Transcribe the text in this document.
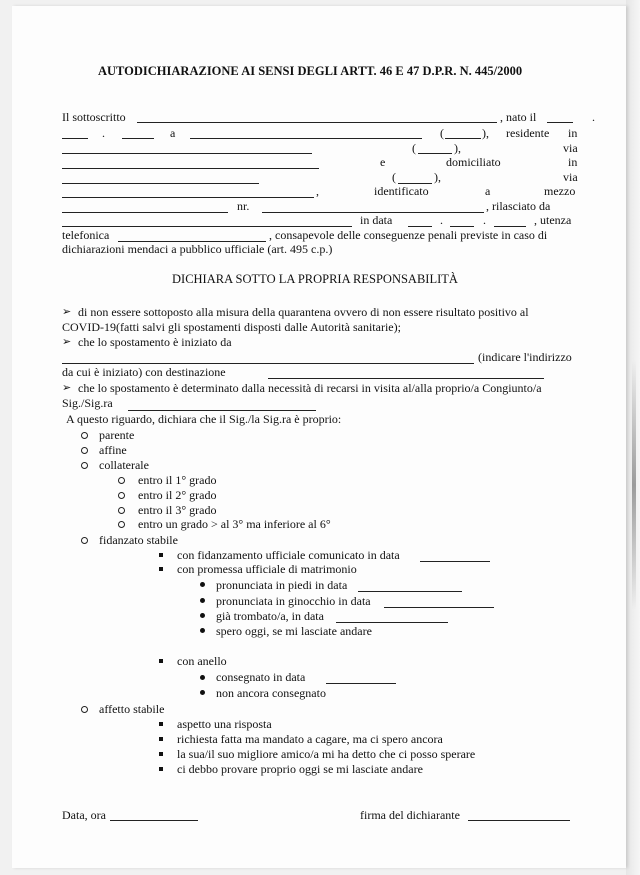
AUTODICHIARAZIONE AI SENSI DEGLI ARTT. 46 E 47 D.P.R. N. 445/2000
Il sottoscritto	, nato il	.
.	a	(	), residente in
(	),	via
e	domiciliato	in
(	),	via
,	identificato	a	mezzo
nr.	, rilasciato da
in data	.	.	, utenza
telefonica	, consapevole delle conseguenze penali previste in caso di
dichiarazioni mendaci a pubblico ufficiale (art. 495 c.p.)
DICHIARA SOTTO LA PROPRIA RESPONSABILITÀ
➢ di non essere sottoposto alla misura della quarantena ovvero di non essere risultato positivo al
COVID-19(fatti salvi gli spostamenti disposti dalle Autorità sanitarie);
➢ che lo spostamento è iniziato da
(indicare l'indirizzo
da cui è iniziato) con destinazione
➢ che lo spostamento è determinato dalla necessità di recarsi in visita al/alla proprio/a Congiunto/a
Sig./Sig.ra
A questo riguardo, dichiara che il Sig./la Sig.ra è proprio:
parente
affine
collaterale
entro il 1° grado
entro il 2° grado
entro il 3° grado
entro un grado > al 3° ma inferiore al 6°
fidanzato stabile
con fidanzamento ufficiale comunicato in data
con promessa ufficiale di matrimonio
pronunciata in piedi in data
pronunciata in ginocchio in data
già trombato/a, in data
spero oggi, se mi lasciate andare
con anello
consegnato in data
non ancora consegnato
affetto stabile
aspetto una risposta
richiesta fatta ma mandato a cagare, ma ci spero ancora
la sua/il suo migliore amico/a mi ha detto che ci posso sperare
ci debbo provare proprio oggi se mi lasciate andare
Data, ora	firma del dichiarante
